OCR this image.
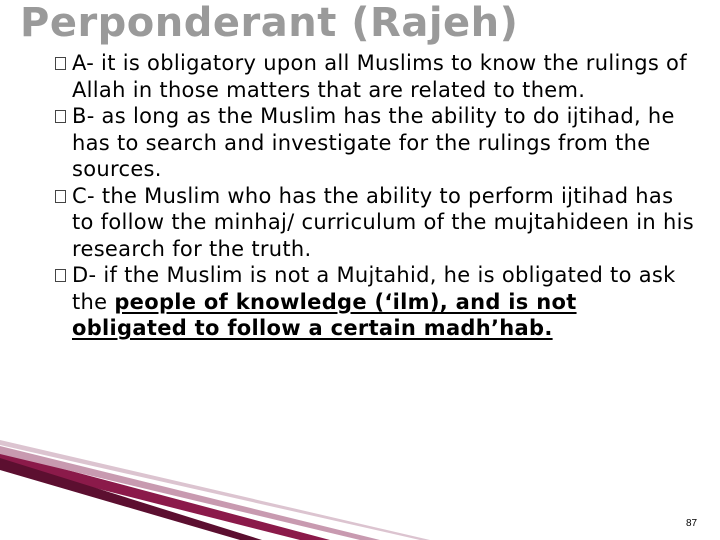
Perponderant (Rajeh)
A- it is obligatory upon all Muslims to know the rulings of Allah in those matters that are related to them.
B- as long as the Muslim has the ability to do ijtihad, he has to search and investigate for the rulings from the sources.
C- the Muslim who has the ability to perform ijtihad has to follow the minhaj/ curriculum of the mujtahideen in his research for the truth.
D- if the Muslim is not a Mujtahid, he is obligated to ask the people of knowledge (‘ilm), and is not obligated to follow a certain madh’hab.
87
